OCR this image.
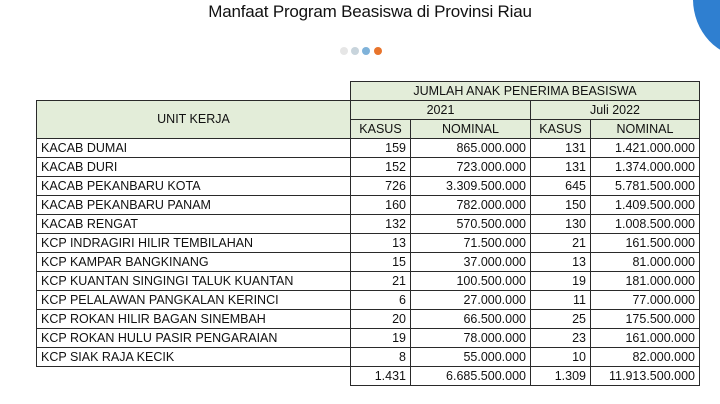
Manfaat Program Beasiswa di Provinsi Riau
	JUMLAH ANAK PENERIMA BEASISWA			
UNIT KERJA	2021		Juli 2022	
	KASUS	NOMINAL	KASUS	NOMINAL
KACAB DUMAI	159	865.000.000	131	1.421.000.000
KACAB DURI	152	723.000.000	131	1.374.000.000
KACAB PEKANBARU KOTA	726	3.309.500.000	645	5.781.500.000
KACAB PEKANBARU PANAM	160	782.000.000	150	1.409.500.000
KACAB RENGAT	132	570.500.000	130	1.008.500.000
KCP INDRAGIRI HILIR TEMBILAHAN	13	71.500.000	21	161.500.000
KCP KAMPAR BANGKINANG	15	37.000.000	13	81.000.000
KCP KUANTAN SINGINGI TALUK KUANTAN	21	100.500.000	19	181.000.000
KCP PELALAWAN PANGKALAN KERINCI	6	27.000.000	11	77.000.000
KCP ROKAN HILIR BAGAN SINEMBAH	20	66.500.000	25	175.500.000
KCP ROKAN HULU PASIR PENGARAIAN	19	78.000.000	23	161.000.000
KCP SIAK RAJA KECIK	8	55.000.000	10	82.000.000
	1.431	6.685.500.000	1.309	11.913.500.000
